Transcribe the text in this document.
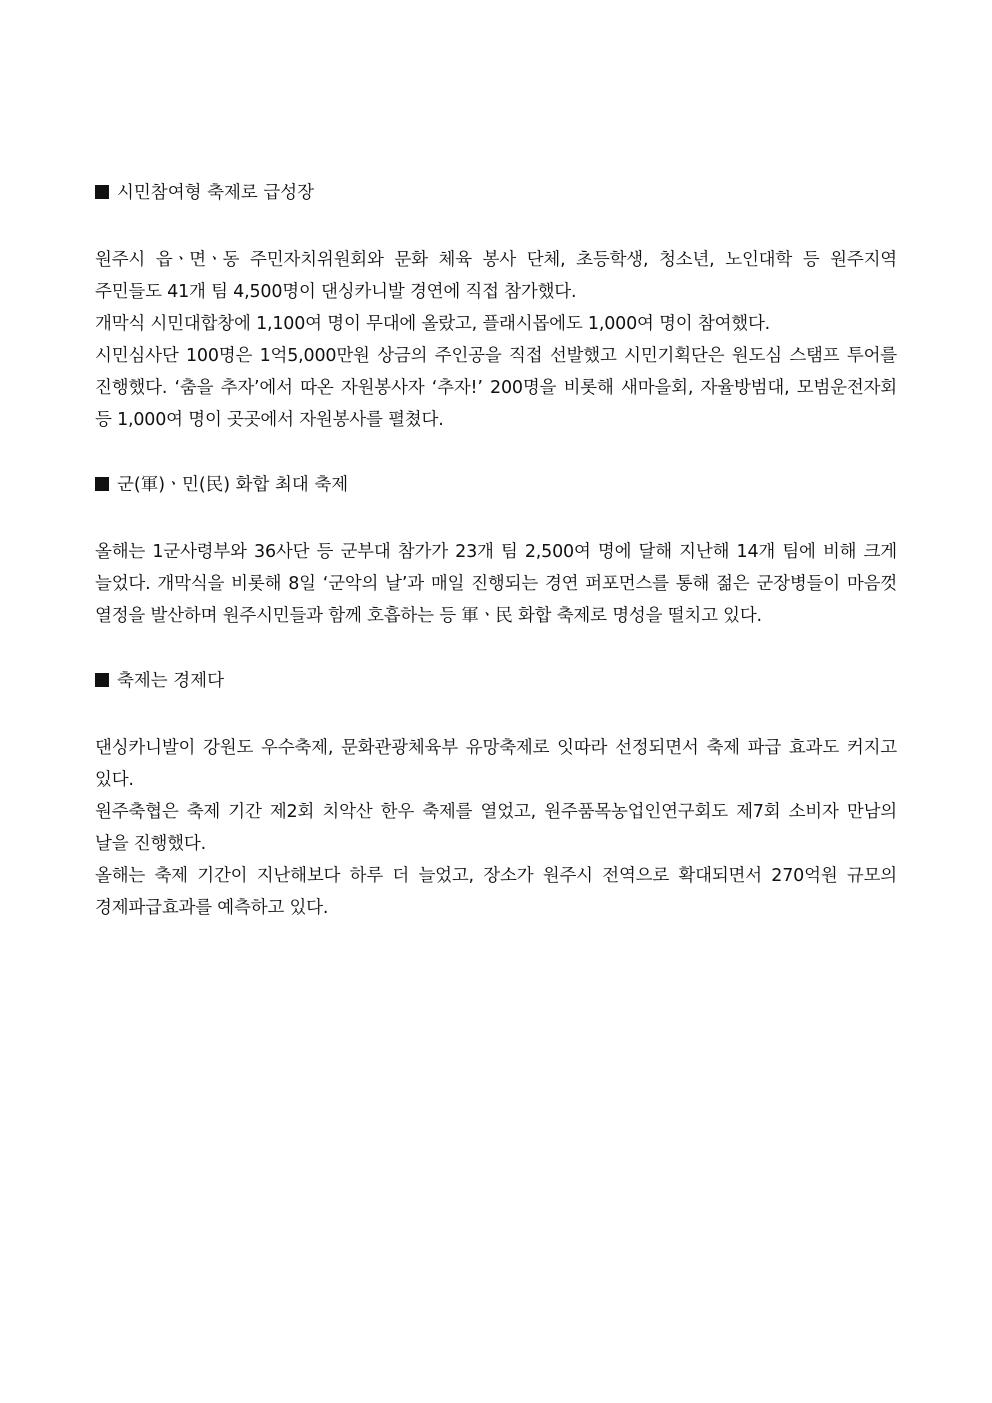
시민참여형 축제로 급성장

원주시 읍ㆍ면ㆍ동 주민자치위원회와 문화 체육 봉사 단체, 초등학생, 청소년, 노인대학 등 원주지역 주민들도 41개 팀 4,500명이 댄싱카니발 경연에 직접 참가했다.

개막식 시민대합창에 1,100여 명이 무대에 올랐고, 플래시몹에도 1,000여 명이 참여했다.

시민심사단 100명은 1억5,000만원 상금의 주인공을 직접 선발했고 시민기획단은 원도심 스탬프 투어를 진행했다. ‘춤을 추자’에서 따온 자원봉사자 ‘추자!’ 200명을 비롯해 새마을회, 자율방범대, 모범운전자회 등 1,000여 명이 곳곳에서 자원봉사를 펼쳤다.

군(軍)ㆍ민(民) 화합 최대 축제

올해는 1군사령부와 36사단 등 군부대 참가가 23개 팀 2,500여 명에 달해 지난해 14개 팀에 비해 크게 늘었다. 개막식을 비롯해 8일 ‘군악의 날’과 매일 진행되는 경연 퍼포먼스를 통해 젊은 군장병들이 마음껏 열정을 발산하며 원주시민들과 함께 호흡하는 등 軍ㆍ民 화합 축제로 명성을 떨치고 있다.

축제는 경제다

댄싱카니발이 강원도 우수축제, 문화관광체육부 유망축제로 잇따라 선정되면서 축제 파급 효과도 커지고 있다.

원주축협은 축제 기간 제2회 치악산 한우 축제를 열었고, 원주품목농업인연구회도 제7회 소비자 만남의 날을 진행했다.

올해는 축제 기간이 지난해보다 하루 더 늘었고, 장소가 원주시 전역으로 확대되면서 270억원 규모의 경제파급효과를 예측하고 있다.
